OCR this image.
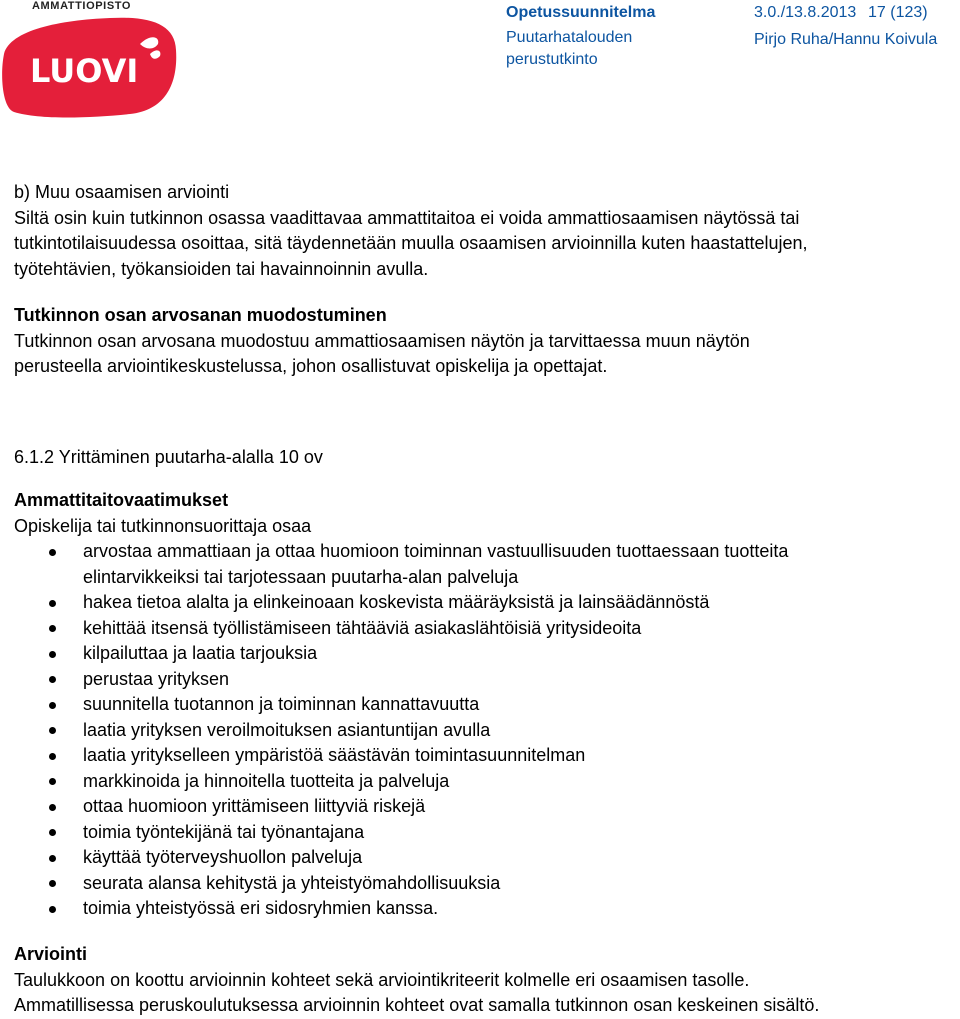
AMMATTIOPISTO
LUOVI
Opetussuunnitelma	3.0./13.8.2013 17 (123)
Puutarhatalouden
perustutkinto
Pirjo Ruha/Hannu Koivula
b) Muu osaamisen arviointi
Siltä osin kuin tutkinnon osassa vaadittavaa ammattitaitoa ei voida ammattiosaamisen näytössä tai
tutkintotilaisuudessa osoittaa, sitä täydennetään muulla osaamisen arvioinnilla kuten haastattelujen,
työtehtävien, työkansioiden tai havainnoinnin avulla.
Tutkinnon osan arvosanan muodostuminen
Tutkinnon osan arvosana muodostuu ammattiosaamisen näytön ja tarvittaessa muun näytön
perusteella arviointikeskustelussa, johon osallistuvat opiskelija ja opettajat.
6.1.2 Yrittäminen puutarha-alalla 10 ov
Ammattitaitovaatimukset
Opiskelija tai tutkinnonsuorittaja osaa
arvostaa ammattiaan ja ottaa huomioon toiminnan vastuullisuuden tuottaessaan tuotteita
elintarvikkeiksi tai tarjotessaan puutarha-alan palveluja
hakea tietoa alalta ja elinkeinoaan koskevista määräyksistä ja lainsäädännöstä
kehittää itsensä työllistämiseen tähtääviä asiakaslähtöisiä yritysideoita
kilpailuttaa ja laatia tarjouksia
perustaa yrityksen
suunnitella tuotannon ja toiminnan kannattavuutta
laatia yrityksen veroilmoituksen asiantuntijan avulla
laatia yritykselleen ympäristöä säästävän toimintasuunnitelman
markkinoida ja hinnoitella tuotteita ja palveluja
ottaa huomioon yrittämiseen liittyviä riskejä
toimia työntekijänä tai työnantajana
käyttää työterveyshuollon palveluja
seurata alansa kehitystä ja yhteistyömahdollisuuksia
toimia yhteistyössä eri sidosryhmien kanssa.
Arviointi
Taulukkoon on koottu arvioinnin kohteet sekä arviointikriteerit kolmelle eri osaamisen tasolle.
Ammatillisessa peruskoulutuksessa arvioinnin kohteet ovat samalla tutkinnon osan keskeinen sisältö.
